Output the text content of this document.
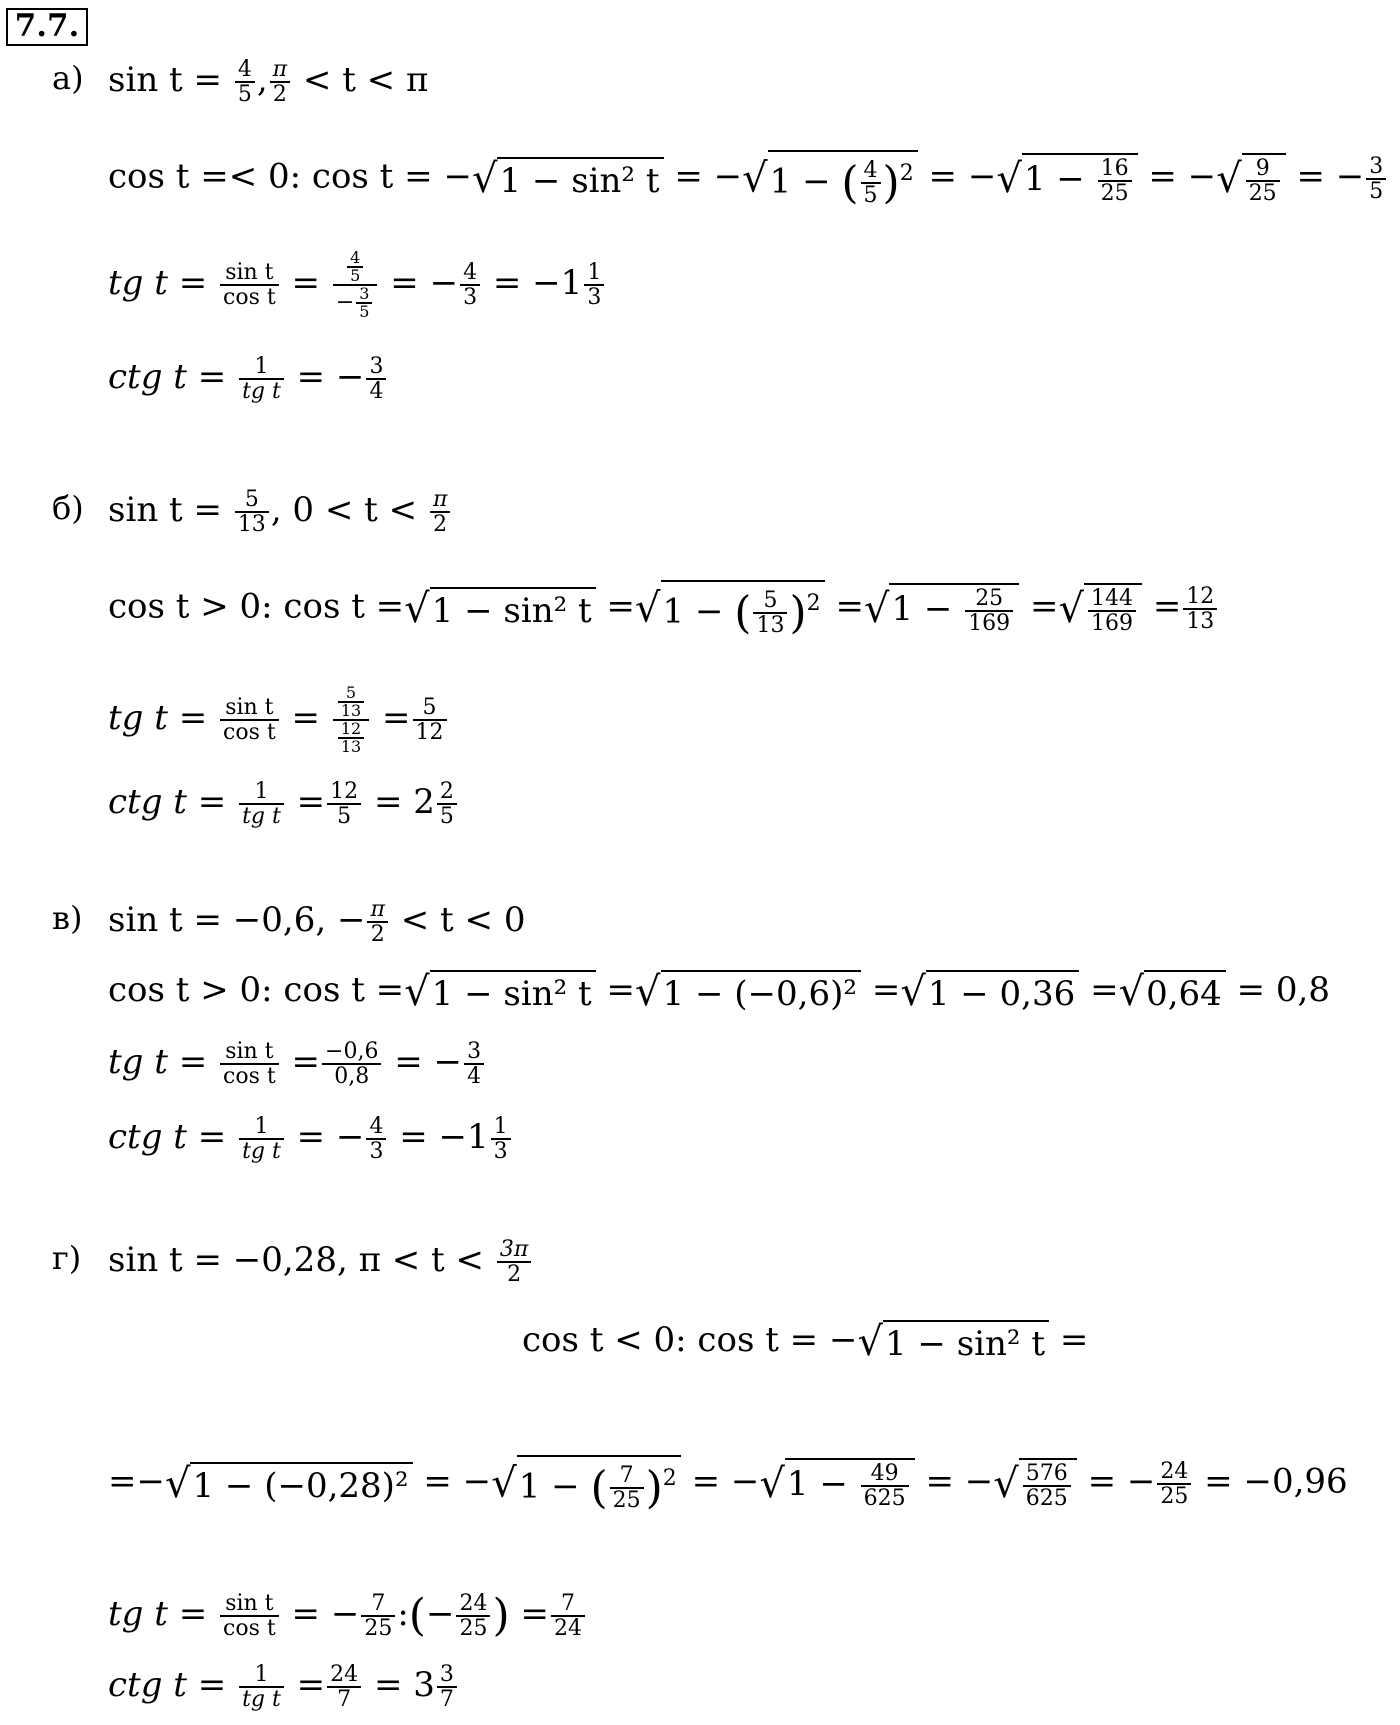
7.7.
а) $\sin t = \frac{4}{5}$ , $\frac{\pi}{2} < t < \pi$
cos t =< 0: cos t = −√1 − sin² t = −√1 − ( $\frac{4}{5} )^2 = -√1 - \frac{16}{25}$ = −√ $\frac{9}{25}$ = − $\frac{3}{5}$
tg $t = \frac{\text{sin t}}{\text{cos t}} = \frac{\frac{4}{5}}{- \frac{3}{5}}$ = − $\frac{4}{3} = -1 \frac{1}{3}$
ctg $t = \frac{1}{\text{tg t}}$ = − $\frac{3}{4}$
б) $\sin t = \frac{5}{13}$ , $0 < t < \frac{\pi}{2}$
cos t > 0: cos t =√1 − sin² t =√1 − ( $\frac{5}{13} )^2 =√1 - \frac{25}{169}$ =√ $\frac{144}{169} = \frac{12}{13}$
tg $t = \frac{\text{sin t}}{\text{cos t}} = \frac{\frac{5}{13}}{\frac{12}{13}} = \frac{5}{12}$
ctg $t = \frac{1}{\text{tg t}} = \frac{12}{5} = 2 \frac{2}{5}$
в) sin t = −0,6, − $\frac{\pi}{2} < t < 0$
cos t > 0: cos t =√1 − sin² t =√1 − (−0,6)² =√1 − 0,36 =√0,64 = 0,8
tg $t = \frac{\text{sin t}}{\text{cos t}} = \frac{-0,6}{0,8}$ = − $\frac{3}{4}$
ctg $t = \frac{1}{\text{tg t}}$ = − $\frac{4}{3} = -1 \frac{1}{3}$
г) sin t = −0,28, $\pi < t < \frac{3\pi}{2}$
cos t < 0: cos t = −√1 − sin² t =
=−√1 − (−0,28)² = −√1 − ( $\frac{7}{25} )^2 = -√1 - \frac{49}{625}$ = −√ $\frac{576}{625}$ = − $\frac{24}{25} = -0,96$
tg $t = \frac{\text{sin t}}{\text{cos t}}$ = − $\frac{7}{25}$ :(− $\frac{24}{25}$ ) = $\frac{7}{24}$
ctg $t = \frac{1}{\text{tg t}} = \frac{24}{7} = 3 \frac{3}{7}$
